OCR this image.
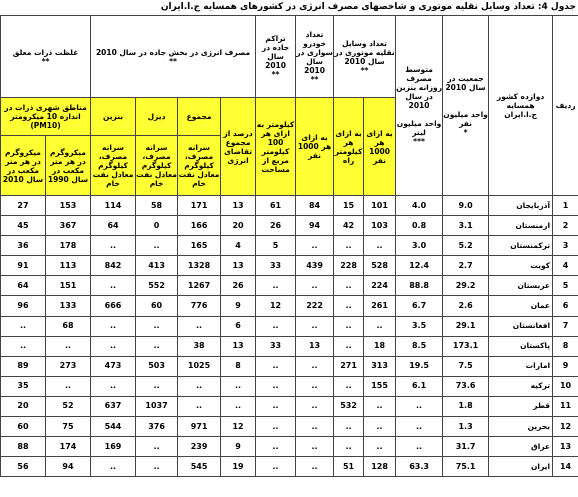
جدول 4: تعداد وسایل نقلیه موتوری و شاخصهای مصرف انرژی در کشورهای همسایه ج.ا.ایران
ردیف	دوازده کشور همسایه ج.ا.ایران	جمعیت در سال 2010

واحد میلیون نفر
*	متوسط مصرف روزانه بنزین در سال 2010

واحد میلیون لیتر
***	تعداد وسایل نقلیه موتوری در سال 2010
**		تعداد خودرو سواری در سال 2010
**	تراکم جاده در سال 2010
**	مصرف انرژی در بخش جاده در سال 2010
**				غلظت ذرات معلق
**	

				به ازای هر 1000 نفر	به ازای هر کیلومتر راه	به ازای هر 1000 نفر	کیلومتر به ازای هر 100 کیلومتر مربع از مساحت	درصد از مجموع تقاضای انرژی	مجموع	دیزل	بنزین	مناطق شهری ذرات در اندازه 10 میکرومتر (PM10)	
									سرانه مصرف، کیلوگرم معادل نفت خام	سرانه مصرف، کیلوگرم معادل نفت خام	سرانه مصرف، کیلوگرم معادل نفت خام	میکروگرم در هر متر مکعب در سال 1990	میکروگرم در هر متر مکعب در سال 2010
1	آذربایجان	9.0	4.0	101	15	84	61	13	171	58	114	153	27
2	ارمنستان	3.1	0.8	103	42	94	26	20	166	0	64	367	45
3	ترکمنستان	5.2	3.0	..	..	..	5	4	165	..	..	178	36
4	کویت	2.7	12.4	528	228	439	33	13	1328	413	842	113	91
5	عربستان	29.2	88.8	224	..	..	..	26	1267	552	..	151	64
6	عمان	2.6	6.7	261	..	222	12	9	776	60	666	133	96
7	افغانستان	29.1	3.5	..	..	..	..	6	..	..	..	68	..
8	پاکستان	173.1	8.5	18	..	13	33	13	38	..	..	..	..
9	امارات	7.5	19.5	313	271	..	..	8	1025	503	473	273	89
10	ترکیه	73.6	6.1	155	..	..	..	..	..	..	..	..	35
11	قطر	1.8	..	..	532	..	..	..	..	1037	637	52	20
12	بحرین	1.3	..	..	..	..	..	12	971	376	544	75	60
13	عراق	31.7	..	..	..	..	..	9	239	..	169	174	88
14	ایران	75.1	63.3	128	51	..	..	19	545	..	..	94	56
